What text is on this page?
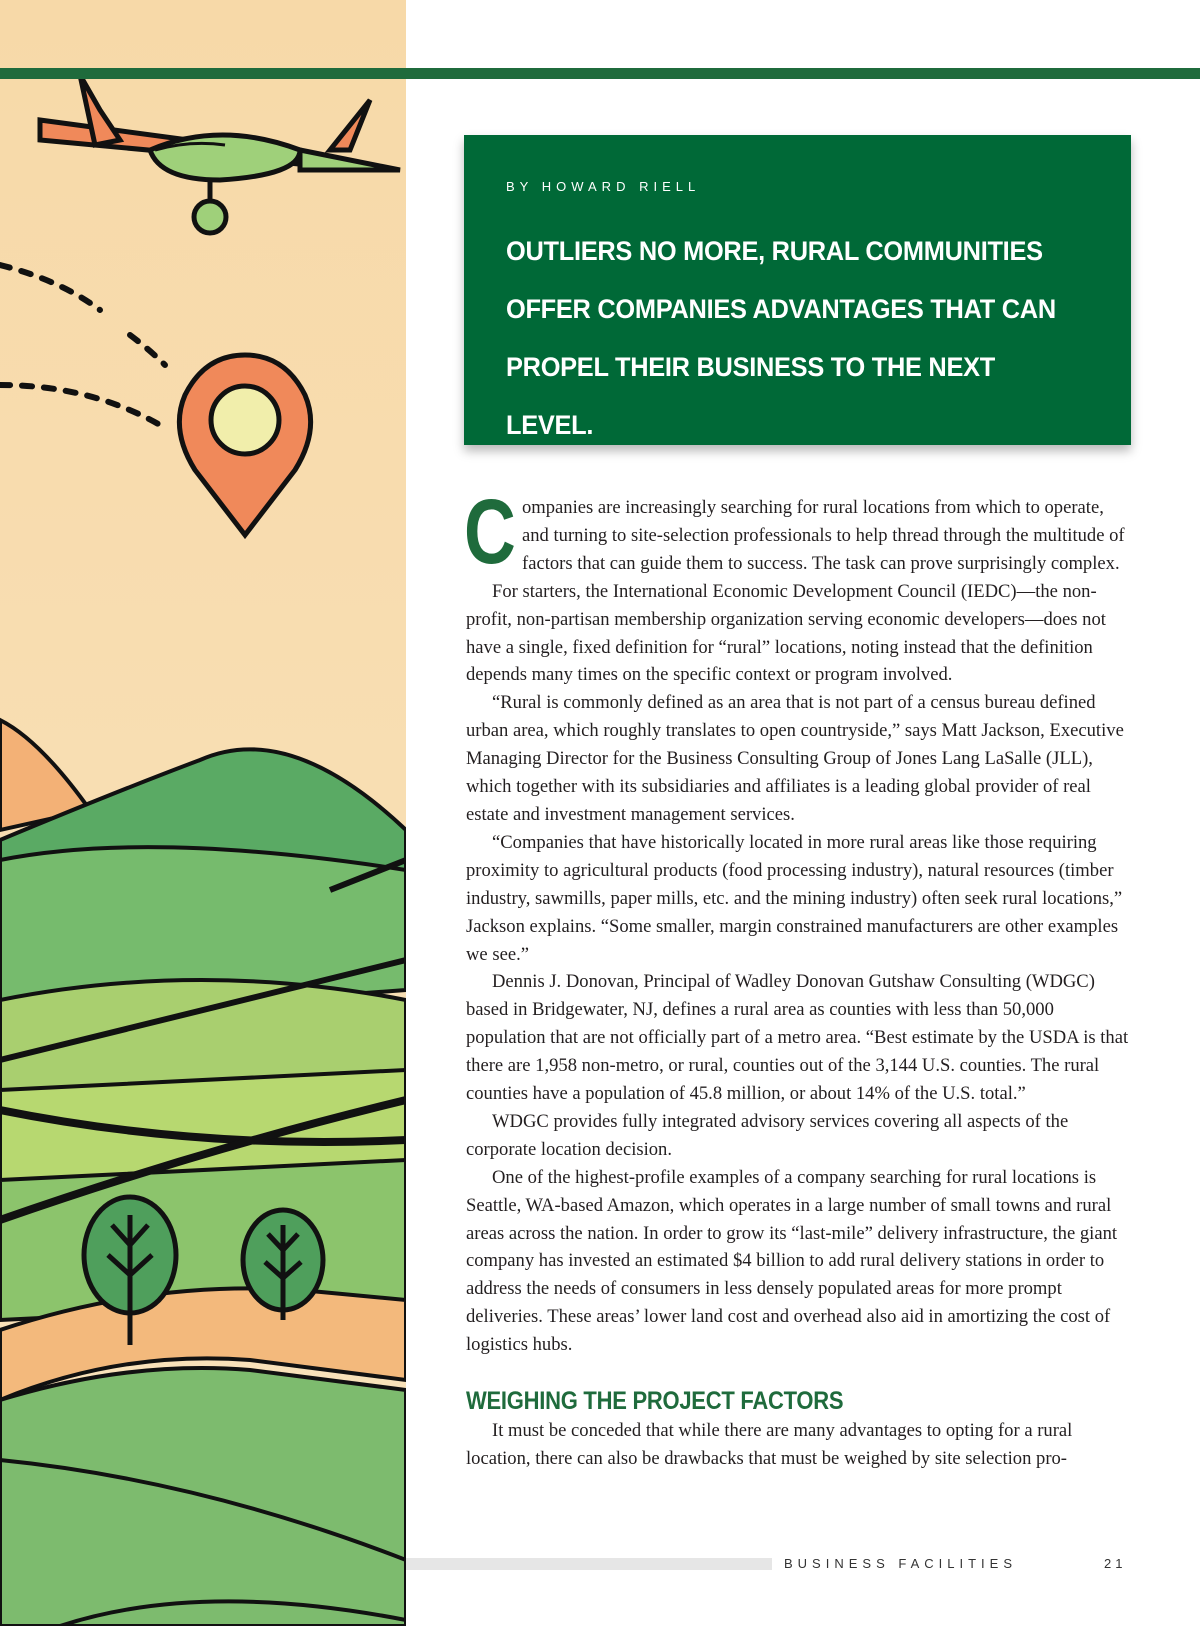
BY HOWARD RIELL

OUTLIERS NO MORE, RURAL COMMUNITIES
OFFER COMPANIES ADVANTAGES THAT CAN
PROPEL THEIR BUSINESS TO THE NEXT LEVEL.

Companies are increasingly searching for rural locations from which to operate, and turning to site-selection professionals to help thread through the multitude of factors that can guide them to success. The task can prove surprisingly complex.

For starters, the International Economic Development Council (IEDC)—the non-profit, non-partisan membership organization serving economic developers—does not have a single, fixed definition for “rural” locations, noting instead that the definition depends many times on the specific context or program involved.

“Rural is commonly defined as an area that is not part of a census bureau defined urban area, which roughly translates to open countryside,” says Matt Jackson, Executive Managing Director for the Business Consulting Group of Jones Lang LaSalle (JLL), which together with its subsidiaries and affiliates is a leading global provider of real estate and investment management services.

“Companies that have historically located in more rural areas like those requiring proximity to agricultural products (food processing industry), natural resources (timber industry, sawmills, paper mills, etc. and the mining industry) often seek rural locations,” Jackson explains. “Some smaller, margin constrained manufacturers are other examples we see.”

Dennis J. Donovan, Principal of Wadley Donovan Gutshaw Consulting (WDGC) based in Bridgewater, NJ, defines a rural area as counties with less than 50,000 population that are not officially part of a metro area. “Best estimate by the USDA is that there are 1,958 non-metro, or rural, counties out of the 3,144 U.S. counties. The rural counties have a population of 45.8 million, or about 14% of the U.S. total.”

WDGC provides fully integrated advisory services covering all aspects of the corporate location decision.

One of the highest-profile examples of a company searching for rural locations is Seattle, WA-based Amazon, which operates in a large number of small towns and rural areas across the nation. In order to grow its “last-mile” delivery infrastructure, the giant company has invested an estimated $4 billion to add rural delivery stations in order to address the needs of consumers in less densely populated areas for more prompt deliveries. These areas’ lower land cost and overhead also aid in amortizing the cost of logistics hubs.

WEIGHING THE PROJECT FACTORS

It must be conceded that while there are many advantages to opting for a rural location, there can also be drawbacks that must be weighed by site selection pro-

BUSINESS FACILITIES	21
